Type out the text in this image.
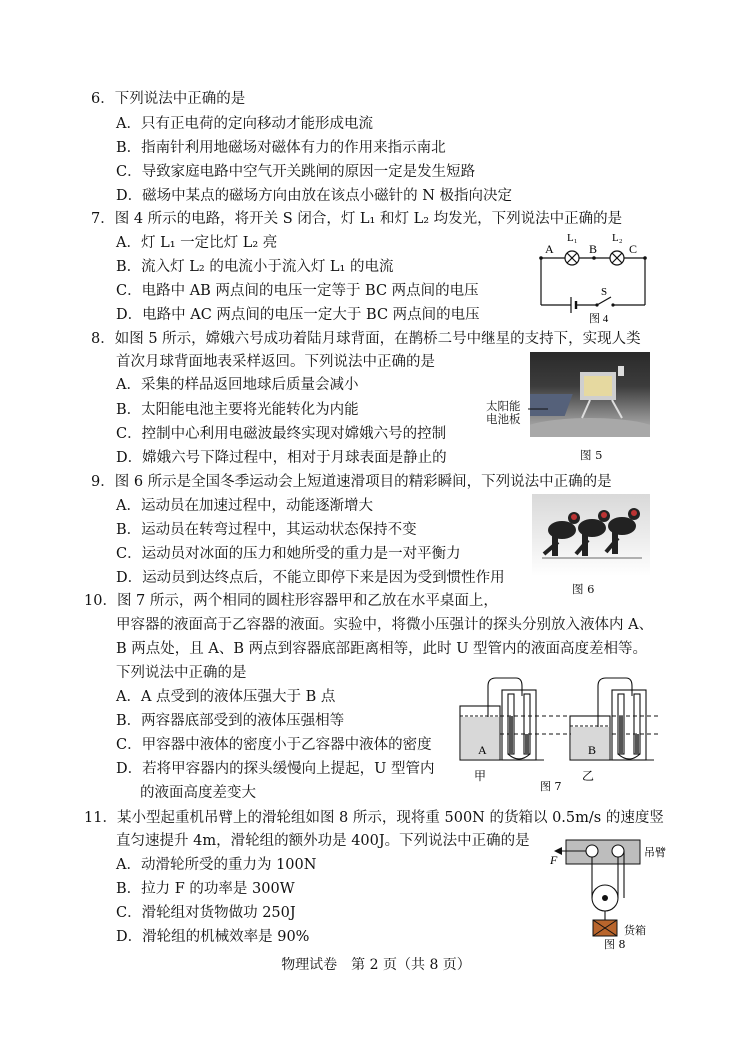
6．下列说法中正确的是
A．只有正电荷的定向移动才能形成电流
B．指南针利用地磁场对磁体有力的作用来指示南北
C．导致家庭电路中空气开关跳闸的原因一定是发生短路
D．磁场中某点的磁场方向由放在该点小磁针的 N 极指向决定
7．图 4 所示的电路，将开关 S 闭合，灯 L₁ 和灯 L₂ 均发光，下列说法中正确的是
A．灯 L₁ 一定比灯 L₂ 亮
B．流入灯 L₂ 的电流小于流入灯 L₁ 的电流
C．电路中 AB 两点间的电压一定等于 BC 两点间的电压
D．电路中 AC 两点间的电压一定大于 BC 两点间的电压
A	B	C
L₁	L₂
S
图 4
8．如图 5 所示，嫦娥六号成功着陆月球背面，在鹊桥二号中继星的支持下，实现人类
首次月球背面地表采样返回。下列说法中正确的是
A．采集的样品返回地球后质量会减小
B．太阳能电池主要将光能转化为内能
C．控制中心利用电磁波最终实现对嫦娥六号的控制
D．嫦娥六号下降过程中，相对于月球表面是静止的
太阳能
电池板
图 5
9．图 6 所示是全国冬季运动会上短道速滑项目的精彩瞬间，下列说法中正确的是
A．运动员在加速过程中，动能逐渐增大
B．运动员在转弯过程中，其运动状态保持不变
C．运动员对冰面的压力和她所受的重力是一对平衡力
D．运动员到达终点后，不能立即停下来是因为受到惯性作用
图 6
10．图 7 所示，两个相同的圆柱形容器甲和乙放在水平桌面上，
甲容器的液面高于乙容器的液面。实验中，将微小压强计的探头分别放入液体内 A、
B 两点处，且 A、B 两点到容器底部距离相等，此时 U 型管内的液面高度差相等。
下列说法中正确的是
A．A 点受到的液体压强大于 B 点
B．两容器底部受到的液体压强相等
C．甲容器中液体的密度小于乙容器中液体的密度
D．若将甲容器内的探头缓慢向上提起，U 型管内
的液面高度差变大
A	B
甲	乙
图 7
11．某小型起重机吊臂上的滑轮组如图 8 所示，现将重 500N 的货箱以 0.5m/s 的速度竖
直匀速提升 4m，滑轮组的额外功是 400J。下列说法中正确的是
A．动滑轮所受的重力为 100N
B．拉力 F 的功率是 300W
C．滑轮组对货物做功 250J
D．滑轮组的机械效率是 90%
F
吊臂
货箱
图 8
物理试卷　第 2 页（共 8 页）
